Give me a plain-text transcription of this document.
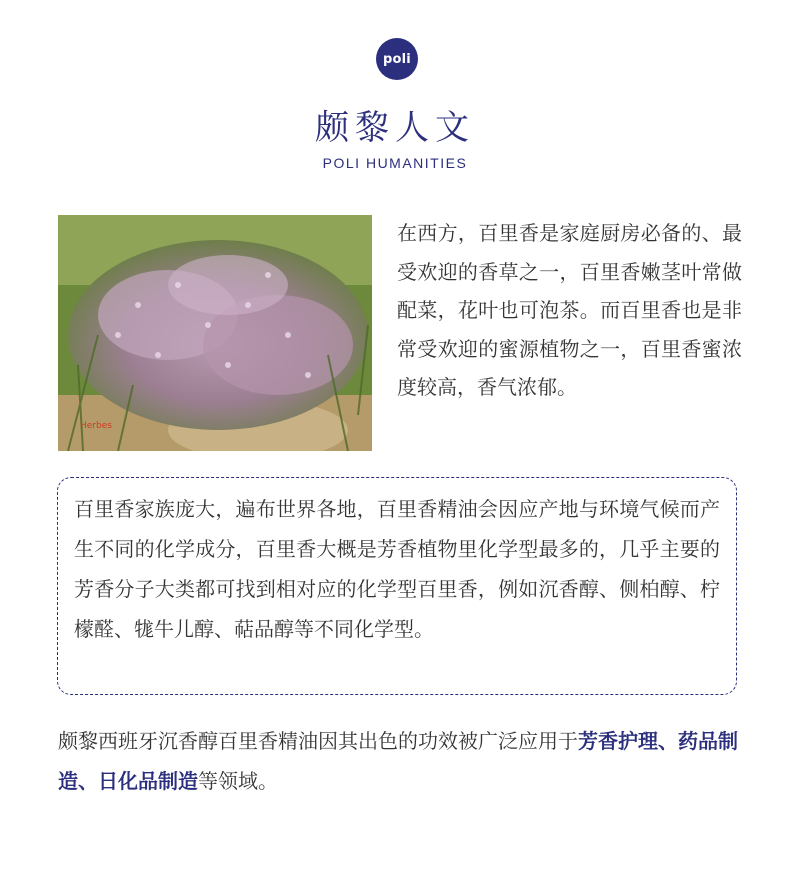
poli
颇黎人文
POLI HUMANITIES
Herbes
在西方，百里香是家庭厨房必备的、最受欢迎的香草之一，百里香嫩茎叶常做配菜，花叶也可泡茶。而百里香也是非常受欢迎的蜜源植物之一，百里香蜜浓度较高，香气浓郁。

百里香家族庞大，遍布世界各地，百里香精油会因应产地与环境气候而产生不同的化学成分，百里香大概是芳香植物里化学型最多的，几乎主要的芳香分子大类都可找到相对应的化学型百里香，例如沉香醇、侧柏醇、柠檬醛、牻牛儿醇、萜品醇等不同化学型。

颇黎西班牙沉香醇百里香精油因其出色的功效被广泛应用于芳香护理、药品制造、日化品制造等领域。
